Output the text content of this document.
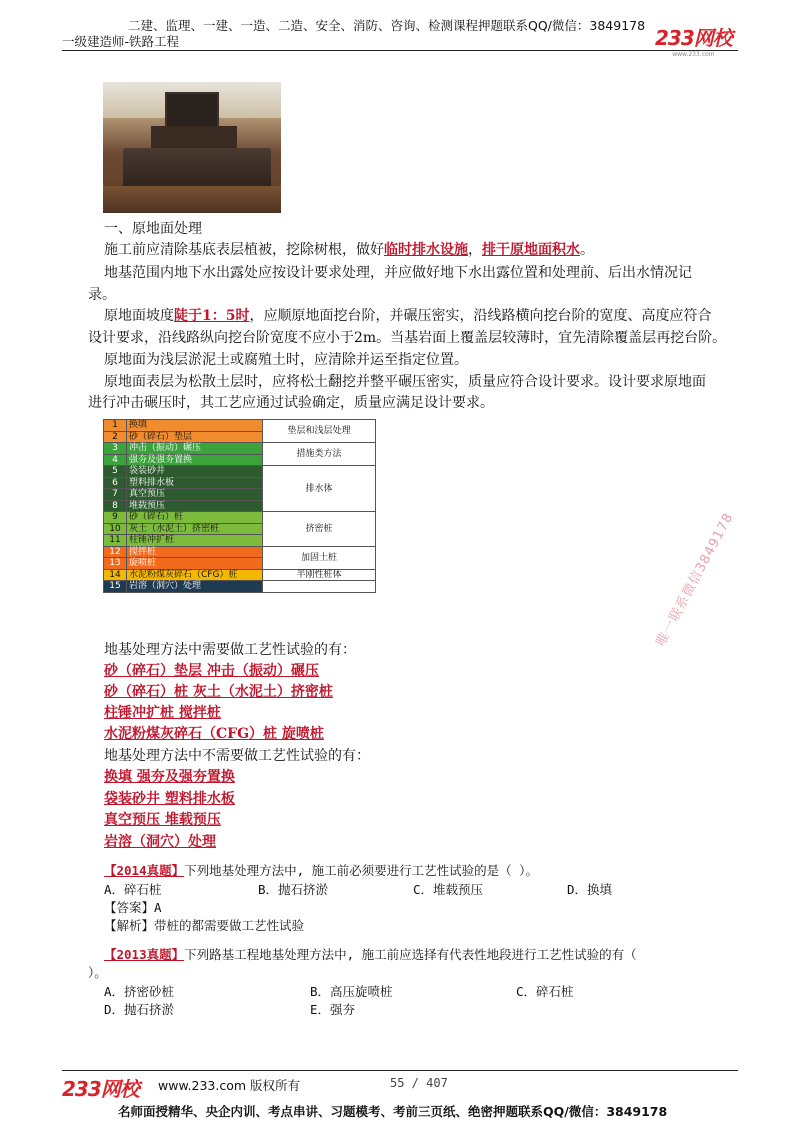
二建、监理、一建、一造、二造、安全、消防、咨询、检测课程押题联系QQ/微信：3849178
一级建造师-铁路工程	233网校
www.233.com
一、原地面处理
施工前应清除基底表层植被，挖除树根，做好临时排水设施，排干原地面积水。
地基范围内地下水出露处应按设计要求处理，并应做好地下水出露位置和处理前、后出水情况记
录。
原地面坡度陡于1：5时，应顺原地面挖台阶，并碾压密实，沿线路横向挖台阶的宽度、高度应符合
设计要求，沿线路纵向挖台阶宽度不应小于2m。当基岩面上覆盖层较薄时，宜先清除覆盖层再挖台阶。
原地面为浅层淤泥土或腐殖土时，应清除并运至指定位置。
原地面表层为松散土层时，应将松土翻挖并整平碾压密实，质量应符合设计要求。设计要求原地面
进行冲击碾压时，其工艺应通过试验确定，质量应满足设计要求。
1	换填	垫层和浅层处理
2	砂（碎石）垫层	
3	冲击（振动）碾压	措施类方法
4	强夯及强夯置换	
5	袋装砂井	排水体
6	塑料排水板	
7	真空预压	
8	堆载预压	
9	砂（碎石）桩	挤密桩
10	灰土（水泥土）挤密桩	
11	柱锤冲扩桩	
12	搅拌桩	加固土桩
13	旋喷桩	
14	水泥粉煤灰碎石（CFG）桩	半刚性桩体
15	岩溶（洞穴）处理	
地基处理方法中需要做工艺性试验的有：
砂（碎石）垫层 冲击（振动）碾压
砂（碎石）桩 灰土（水泥土）挤密桩
柱锤冲扩桩 搅拌桩
水泥粉煤灰碎石（CFG）桩 旋喷桩
地基处理方法中不需要做工艺性试验的有：
换填 强夯及强夯置换
袋装砂井 塑料排水板
真空预压 堆载预压
岩溶（洞穴）处理
【2014真题】下列地基处理方法中, 施工前必须要进行工艺性试验的是（ ）。
A．碎石桩	B．抛石挤淤	C．堆载预压	D．换填
【答案】A
【解析】带桩的都需要做工艺性试验
【2013真题】下列路基工程地基处理方法中, 施工前应选择有代表性地段进行工艺性试验的有（
）。
A．挤密砂桩	B．高压旋喷桩	C．碎石桩
D．抛石挤淤	E．强夯
唯一联系微信3849178
233网校 www.233.com 版权所有	55 / 407
名师面授精华、央企内训、考点串讲、习题模考、考前三页纸、绝密押题联系QQ/微信：3849178
